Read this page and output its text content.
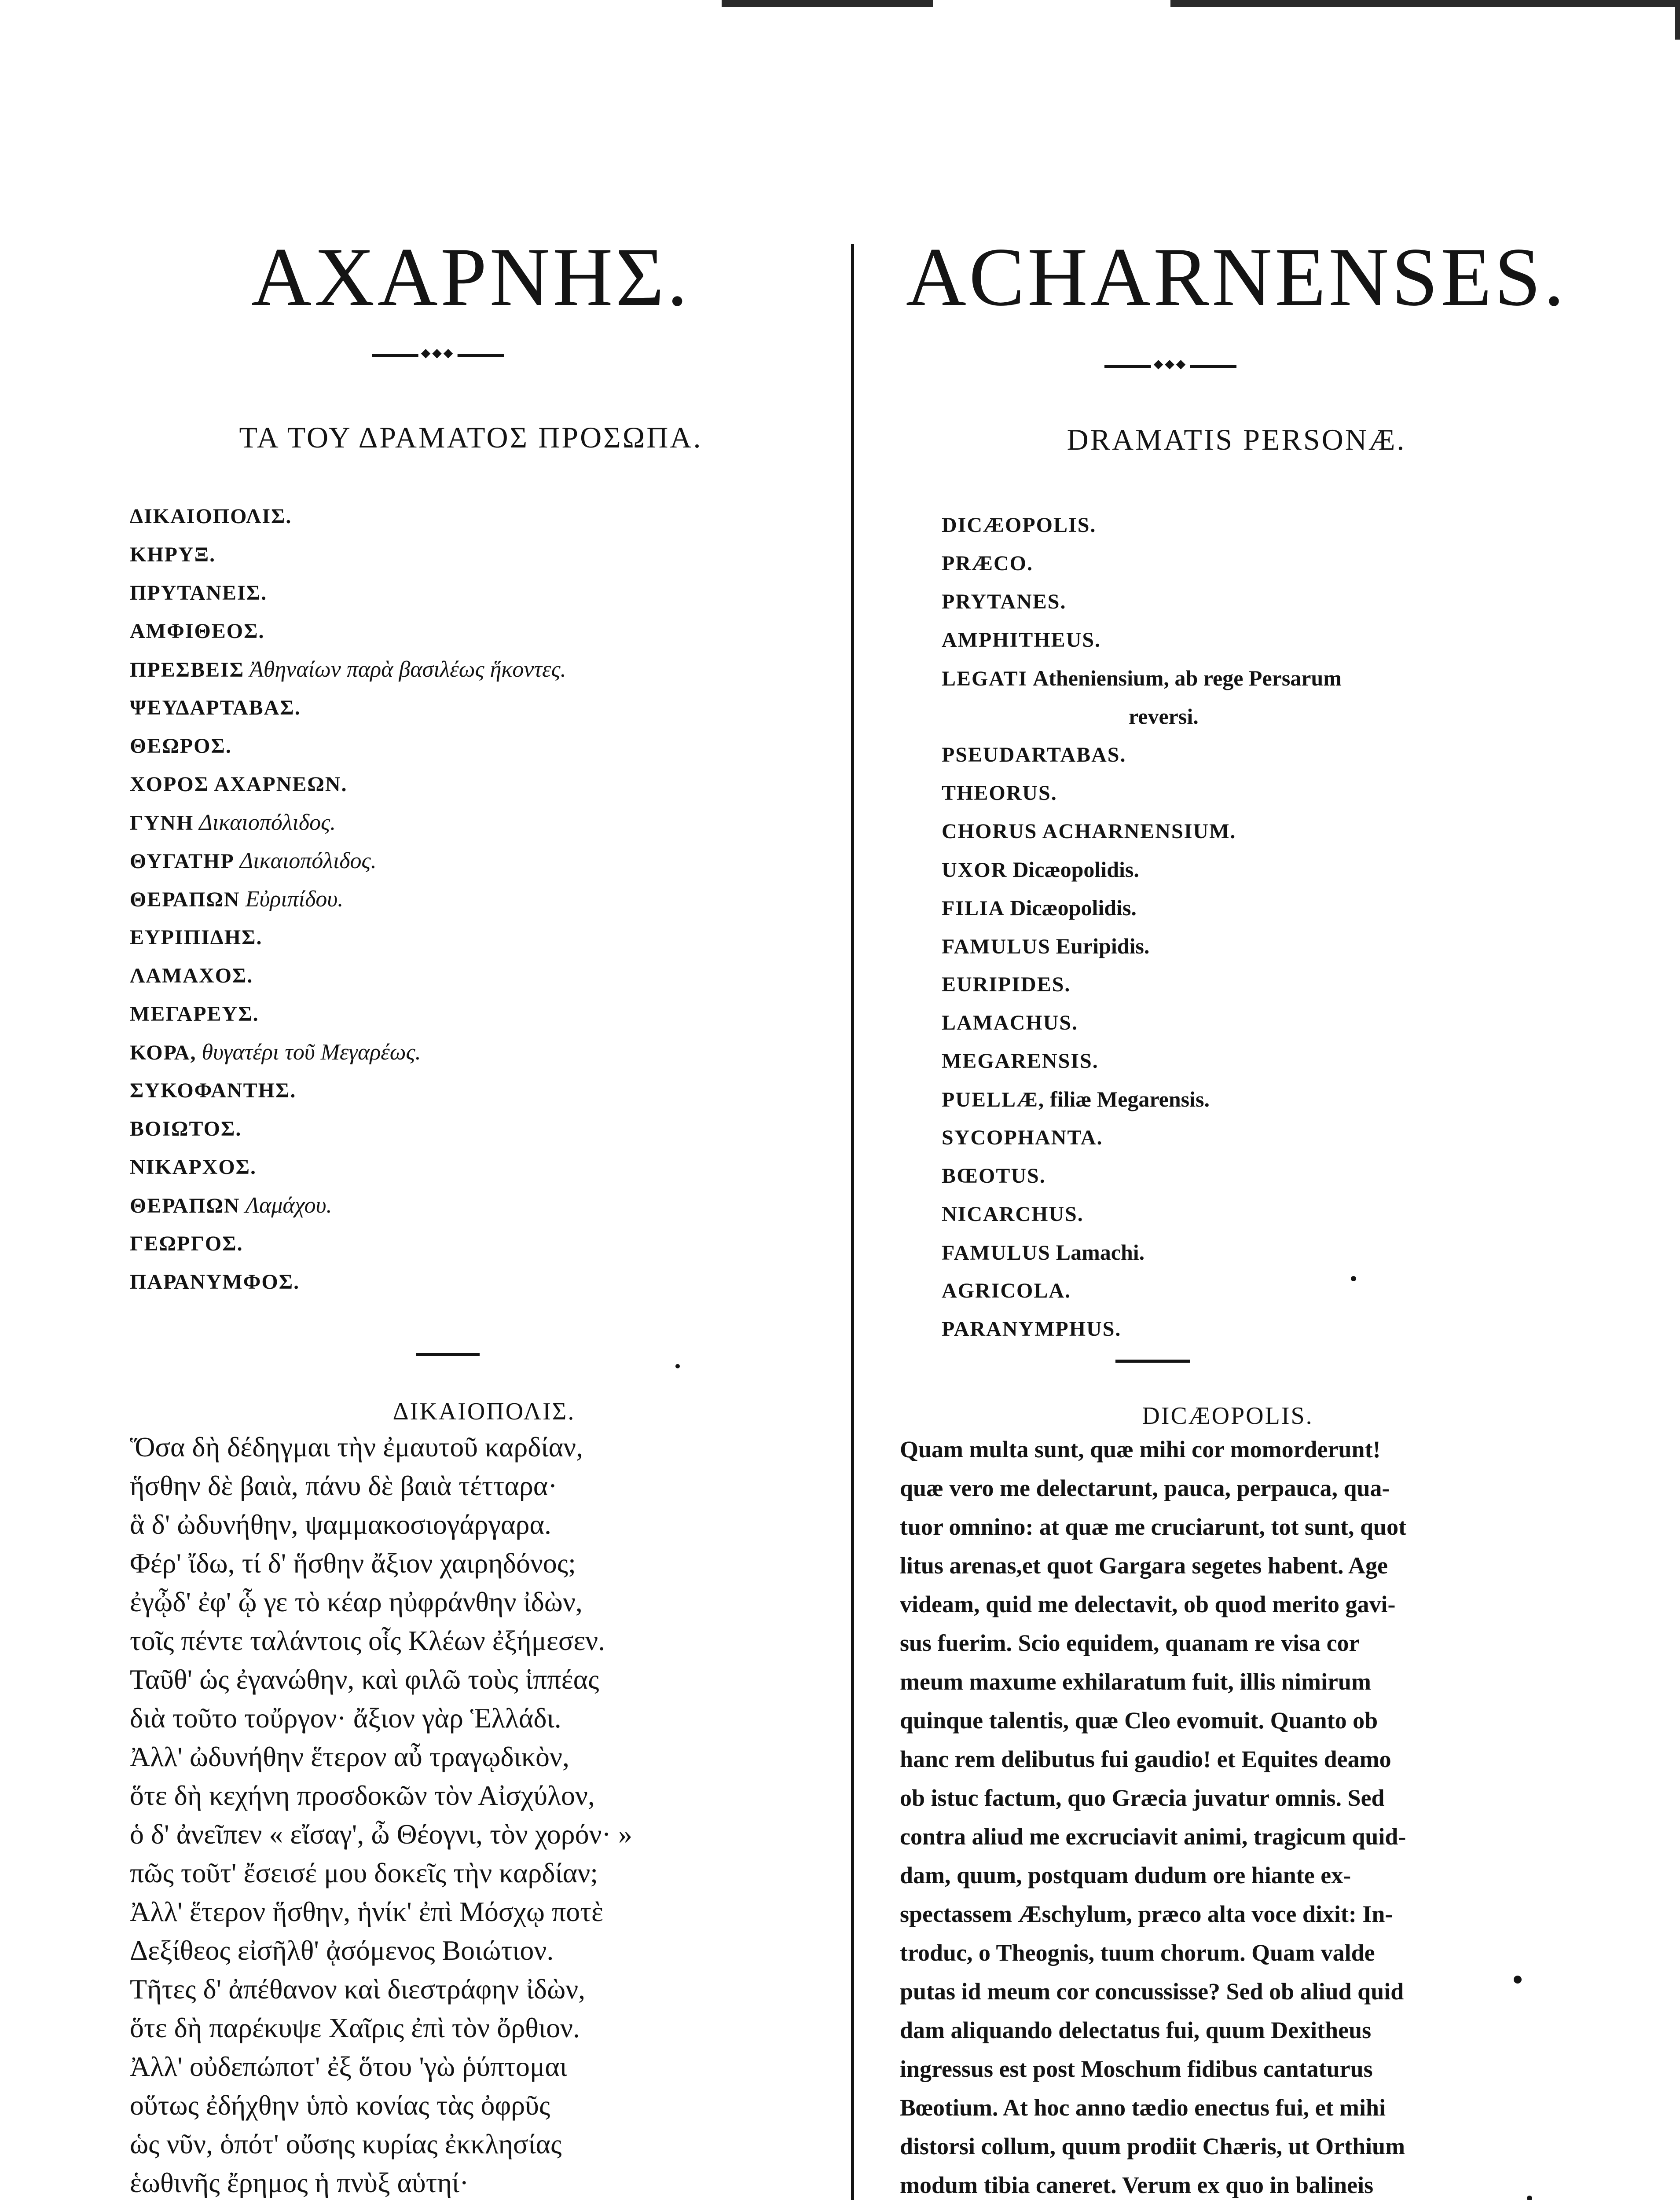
ΑΧΑΡΝΗΣ.
◆◆◆
ΤΑ ΤΟΥ ΔΡΑΜΑΤΟΣ ΠΡΟΣΩΠΑ.
ΔΙΚΑΙΟΠΟΛΙΣ.
ΚΗΡΥΞ.
ΠΡΥΤΑΝΕΙΣ.
ΑΜΦΙΘΕΟΣ.
ΠΡΕΣΒΕΙΣ Ἀθηναίων παρὰ βασιλέως ἥκοντες.
ΨΕΥΔΑΡΤΑΒΑΣ.
ΘΕΩΡΟΣ.
ΧΟΡΟΣ ΑΧΑΡΝΕΩΝ.
ΓΥΝΗ Δικαιοπόλιδος.
ΘΥΓΑΤΗΡ Δικαιοπόλιδος.
ΘΕΡΑΠΩΝ Εὐριπίδου.
ΕΥΡΙΠΙΔΗΣ.
ΛΑΜΑΧΟΣ.
ΜΕΓΑΡΕΥΣ.
ΚΟΡΑ, θυγατέρι τοῦ Μεγαρέως.
ΣΥΚΟΦΑΝΤΗΣ.
ΒΟΙΩΤΟΣ.
ΝΙΚΑΡΧΟΣ.
ΘΕΡΑΠΩΝ Λαμάχου.
ΓΕΩΡΓΟΣ.
ΠΑΡΑΝΥΜΦΟΣ.
ΔΙΚΑΙΟΠΟΛΙΣ.
Ὅσα δὴ δέδηγμαι τὴν ἐμαυτοῦ καρδίαν,
ἥσθην δὲ βαιὰ, πάνυ δὲ βαιὰ τέτταρα·
ἃ δ' ὠδυνήθην, ψαμμακοσιογάργαρα.
Φέρ' ἴδω, τί δ' ἥσθην ἄξιον χαιρηδόνος;
ἐγᾦδ' ἐφ' ᾧ γε τὸ κέαρ ηὐφράνθην ἰδὼν,
τοῖς πέντε ταλάντοις οἷς Κλέων ἐξήμεσεν.
Ταῦθ' ὡς ἐγανώθην, καὶ φιλῶ τοὺς ἱππέας
διὰ τοῦτο τοὔργον· ἄξιον γὰρ Ἑλλάδι.
Ἀλλ' ὠδυνήθην ἕτερον αὖ τραγῳδικὸν,
ὅτε δὴ κεχήνη προσδοκῶν τὸν Αἰσχύλον,
ὁ δ' ἀνεῖπεν « εἴσαγ', ὦ Θέογνι, τὸν χορόν· »
πῶς τοῦτ' ἔσεισέ μου δοκεῖς τὴν καρδίαν;
Ἀλλ' ἕτερον ἥσθην, ἡνίκ' ἐπὶ Μόσχῳ ποτὲ
Δεξίθεος εἰσῆλθ' ᾀσόμενος Βοιώτιον.
Τῆτες δ' ἀπέθανον καὶ διεστράφην ἰδὼν,
ὅτε δὴ παρέκυψε Χαῖρις ἐπὶ τὸν ὄρθιον.
Ἀλλ' οὐδεπώποτ' ἐξ ὅτου 'γὼ ῥύπτομαι
οὕτως ἐδήχθην ὑπὸ κονίας τὰς ὀφρῦς
ὡς νῦν, ὁπότ' οὔσης κυρίας ἐκκλησίας
ἑωθινῆς ἔρημος ἡ πνὺξ αὑτηί·
ACHARNENSES.
◆◆◆
DRAMATIS PERSONÆ.
DICÆOPOLIS.
PRÆCO.
PRYTANES.
AMPHITHEUS.
LEGATI Atheniensium, ab rege Persarum
reversi.
PSEUDARTABAS.
THEORUS.
CHORUS ACHARNENSIUM.
UXOR Dicæopolidis.
FILIA Dicæopolidis.
FAMULUS Euripidis.
EURIPIDES.
LAMACHUS.
MEGARENSIS.
PUELLÆ, filiæ Megarensis.
SYCOPHANTA.
BŒOTUS.
NICARCHUS.
FAMULUS Lamachi.
AGRICOLA.
PARANYMPHUS.
DICÆOPOLIS.
Quam multa sunt, quæ mihi cor momorderunt!
quæ vero me delectarunt, pauca, perpauca, qua-
tuor omnino: at quæ me cruciarunt, tot sunt, quot
litus arenas,et quot Gargara segetes habent. Age
videam, quid me delectavit, ob quod merito gavi-
sus fuerim. Scio equidem, quanam re visa cor
meum maxume exhilaratum fuit, illis nimirum
quinque talentis, quæ Cleo evomuit. Quanto ob
hanc rem delibutus fui gaudio! et Equites deamo
ob istuc factum, quo Græcia juvatur omnis. Sed
contra aliud me excruciavit animi, tragicum quid-
dam, quum, postquam dudum ore hiante ex-
spectassem Æschylum, præco alta voce dixit: In-
troduc, o Theognis, tuum chorum. Quam valde
putas id meum cor concussisse? Sed ob aliud quid
dam aliquando delectatus fui, quum Dexitheus
ingressus est post Moschum fidibus cantaturus
Bœotium. At hoc anno tædio enectus fui, et mihi
distorsi collum, quum prodiit Chæris, ut Orthium
modum tibia caneret. Verum ex quo in balineis
